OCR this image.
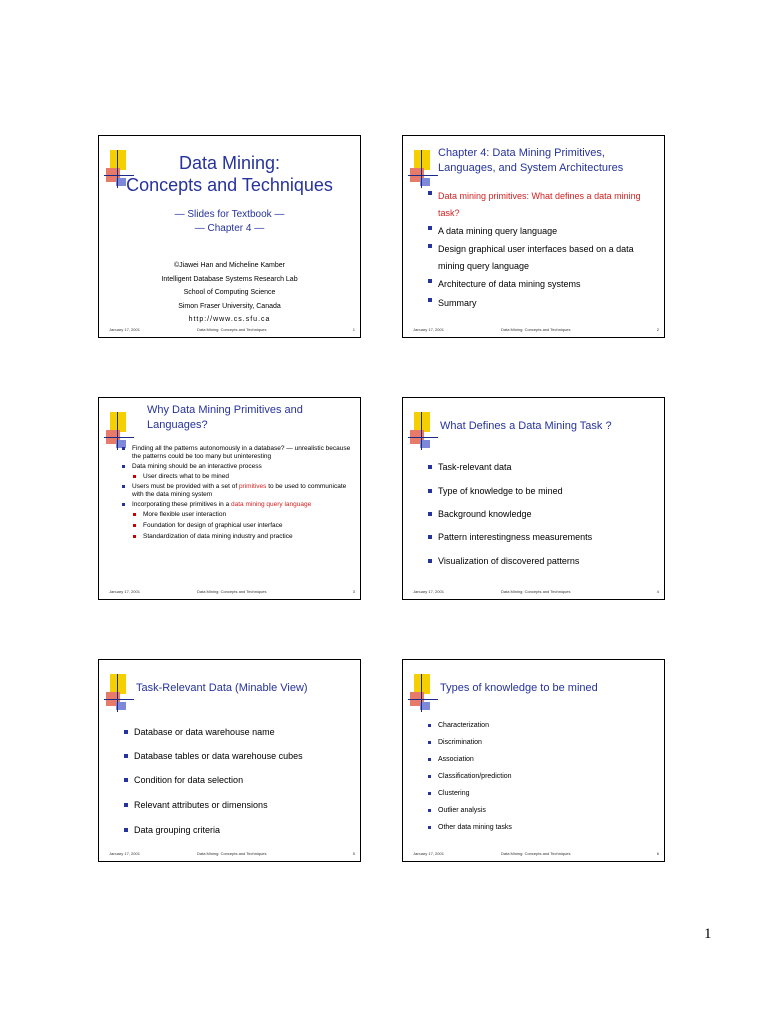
Data Mining:
Concepts and Techniques
— Slides for Textbook —
— Chapter 4 —
©Jiawei Han and Micheline Kamber
Intelligent Database Systems Research Lab
School of Computing Science
Simon Fraser University, Canada
http://www.cs.sfu.ca
January 17, 2001	Data Mining: Concepts and Techniques	1
Chapter 4: Data Mining Primitives,
Languages, and System Architectures
Data mining primitives: What defines a data mining task?
A data mining query language
Design graphical user interfaces based on a data mining query language
Architecture of data mining systems
Summary
January 17, 2001	Data Mining: Concepts and Techniques	2
Why Data Mining Primitives and
Languages?
Finding all the patterns autonomously in a database? — unrealistic because the patterns could be too many but uninteresting
Data mining should be an interactive process
User directs what to be mined
Users must be provided with a set of primitives to be used to communicate with the data mining system
Incorporating these primitives in a data mining query language
More flexible user interaction
Foundation for design of graphical user interface
Standardization of data mining industry and practice
January 17, 2001	Data Mining: Concepts and Techniques	3
What Defines a Data Mining Task ?
Task-relevant data
Type of knowledge to be mined
Background knowledge
Pattern interestingness measurements
Visualization of discovered patterns
January 17, 2001	Data Mining: Concepts and Techniques	4
Task-Relevant Data (Minable View)
Database or data warehouse name
Database tables or data warehouse cubes
Condition for data selection
Relevant attributes or dimensions
Data grouping criteria
January 17, 2001	Data Mining: Concepts and Techniques	5
Types of knowledge to be mined
Characterization
Discrimination
Association
Classification/prediction
Clustering
Outlier analysis
Other data mining tasks
January 17, 2001	Data Mining: Concepts and Techniques	6
1
